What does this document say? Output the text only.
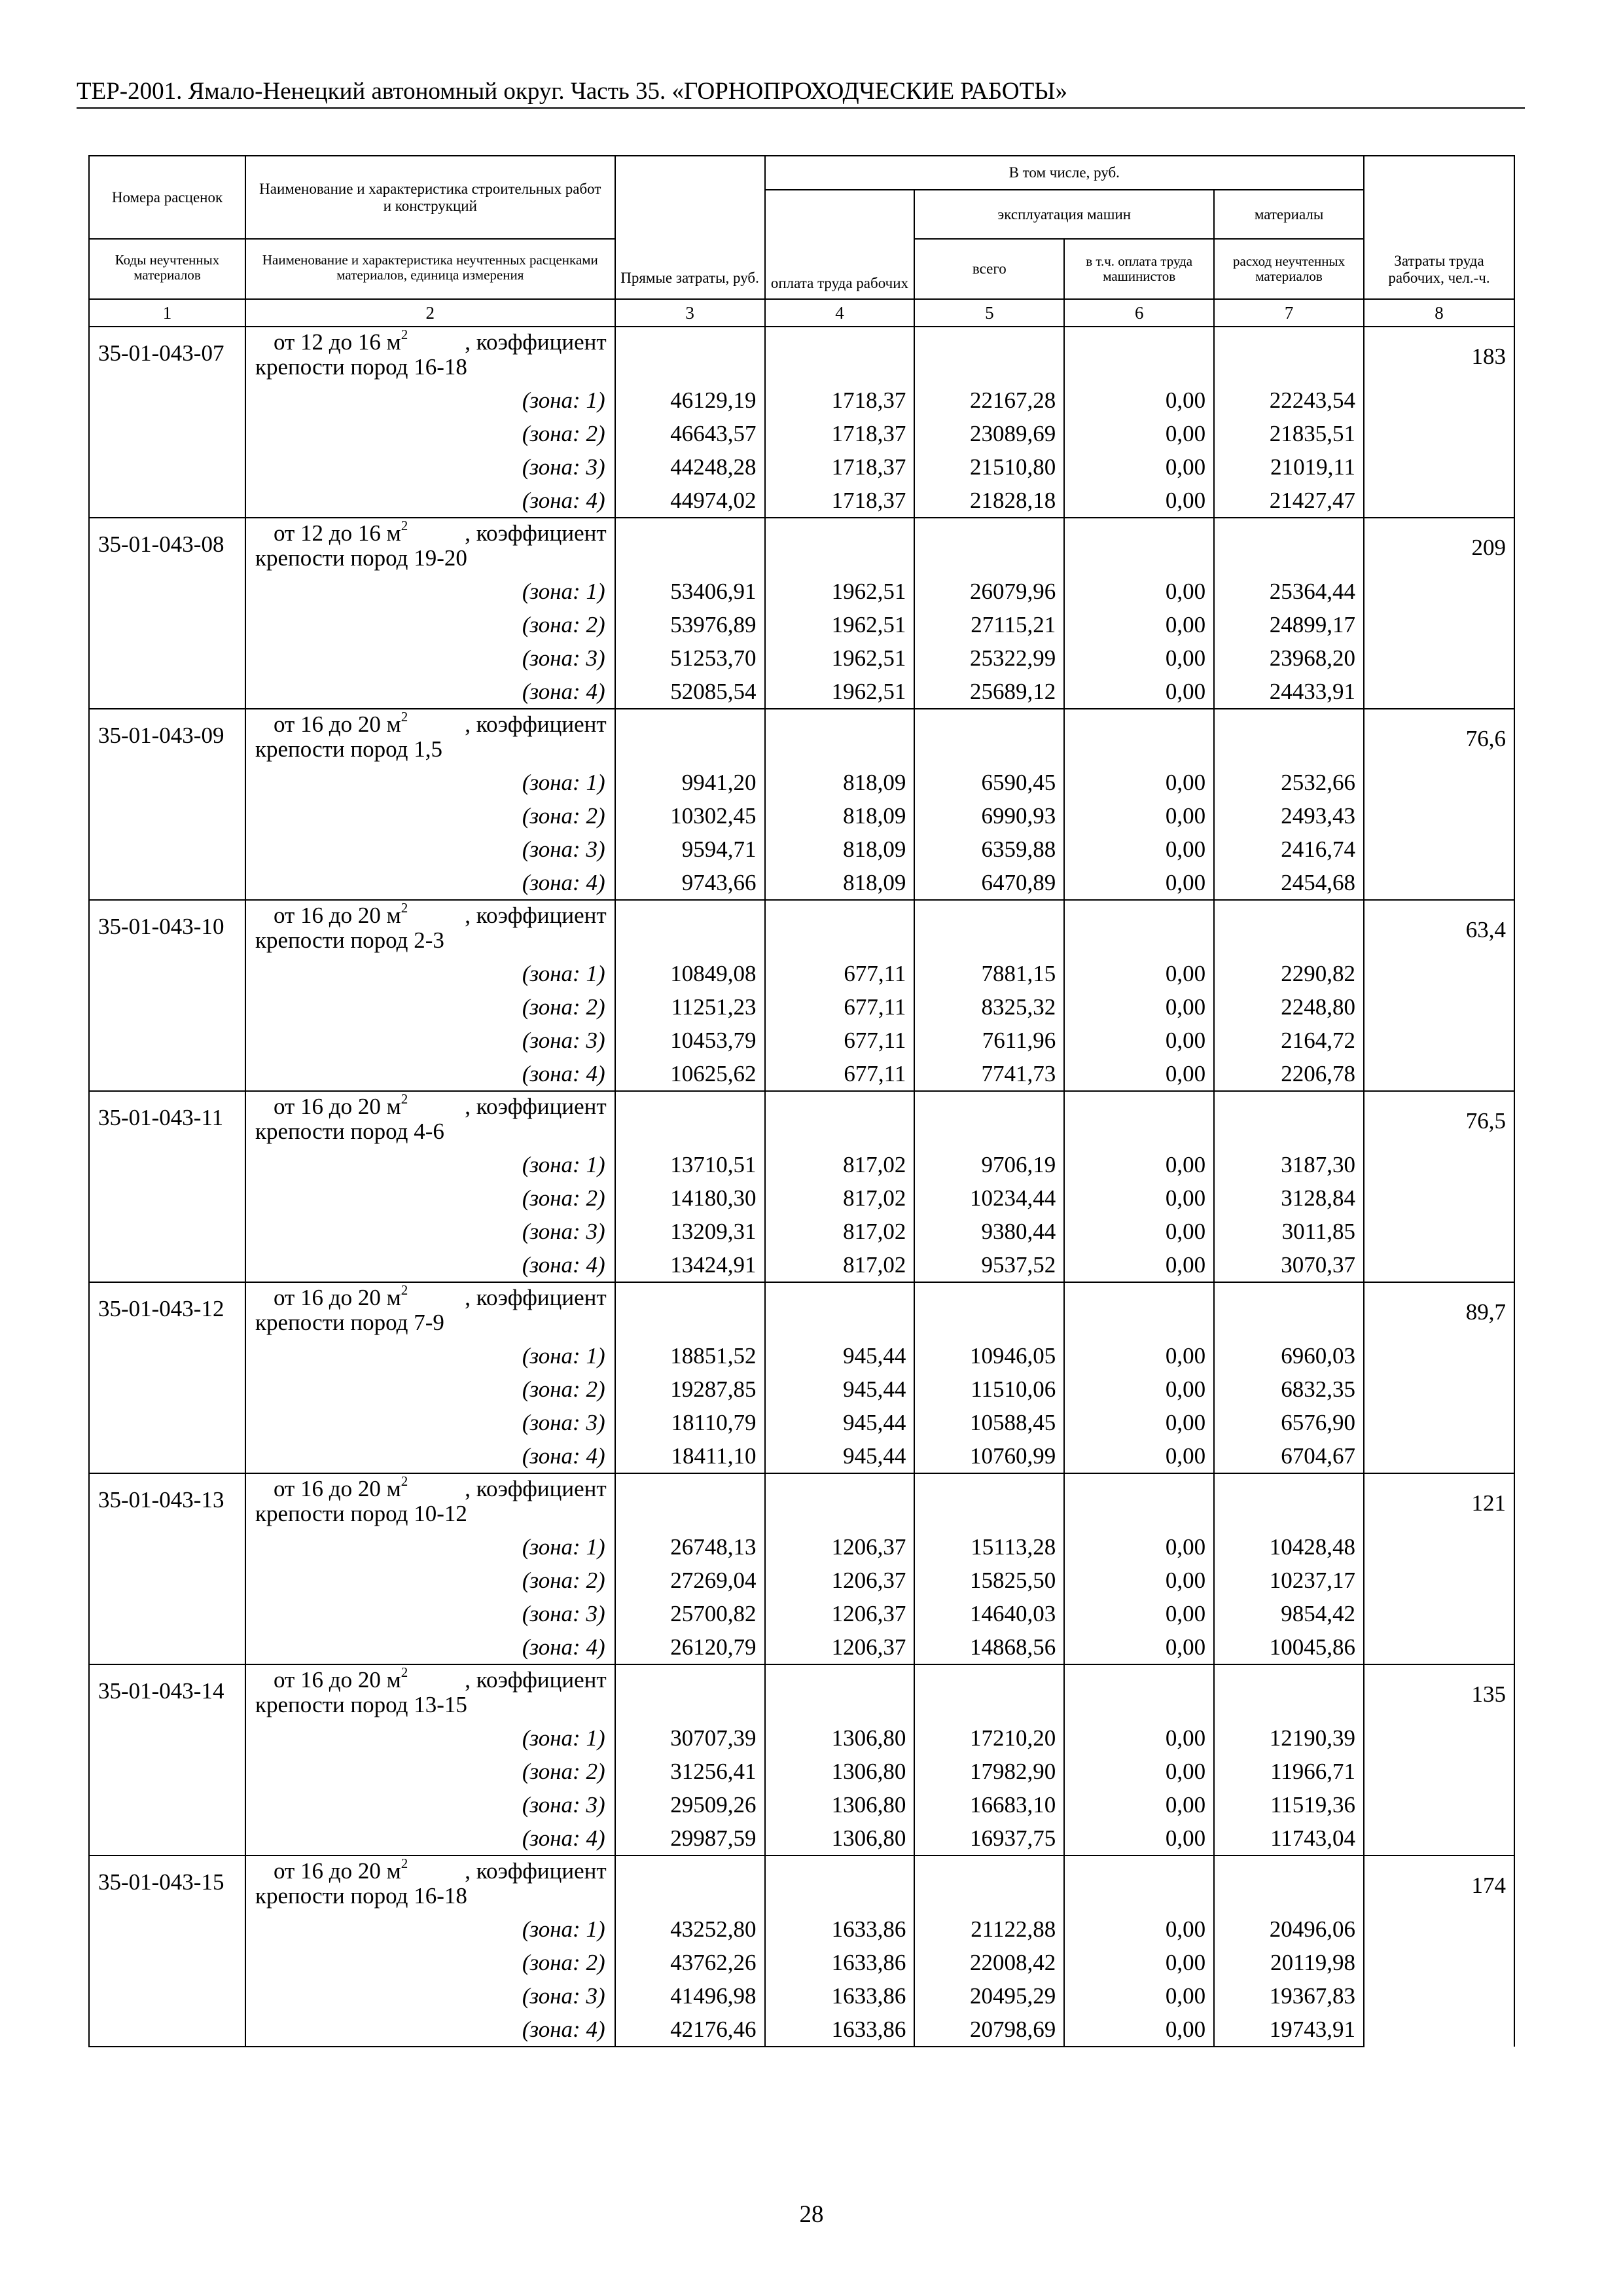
ТЕР-2001. Ямало-Ненецкий автономный округ. Часть 35. «ГОРНОПРОХОДЧЕСКИЕ РАБОТЫ»
Номера расценок	Наименование и характеристика строительных работ и конструкций	Прямые затраты, руб.	В том числе, руб.				Затраты труда рабочих, чел.-ч.
			оплата труда рабочих	эксплуатация машин		материалы	
Коды неучтенных материалов	Наименование и характеристика неучтенных расценками материалов, единица измерения			всего	в т.ч. оплата труда машинистов	расход неучтенных материалов	
1	2	3	4	5	6	7	8
35-01-043-07	от 12 до 16 $м^2$ , коэффициент
крепости пород 16-18						183
	(зона: 1)	46129,19	1718,37	22167,28	0,00	22243,54	
	(зона: 2)	46643,57	1718,37	23089,69	0,00	21835,51	
	(зона: 3)	44248,28	1718,37	21510,80	0,00	21019,11	
	(зона: 4)	44974,02	1718,37	21828,18	0,00	21427,47	
35-01-043-08	от 12 до 16 $м^2$ , коэффициент
крепости пород 19-20						209
	(зона: 1)	53406,91	1962,51	26079,96	0,00	25364,44	
	(зона: 2)	53976,89	1962,51	27115,21	0,00	24899,17	
	(зона: 3)	51253,70	1962,51	25322,99	0,00	23968,20	
	(зона: 4)	52085,54	1962,51	25689,12	0,00	24433,91	
35-01-043-09	от 16 до 20 $м^2$ , коэффициент
крепости пород 1,5						76,6
	(зона: 1)	9941,20	818,09	6590,45	0,00	2532,66	
	(зона: 2)	10302,45	818,09	6990,93	0,00	2493,43	
	(зона: 3)	9594,71	818,09	6359,88	0,00	2416,74	
	(зона: 4)	9743,66	818,09	6470,89	0,00	2454,68	
35-01-043-10	от 16 до 20 $м^2$ , коэффициент
крепости пород 2-3						63,4
	(зона: 1)	10849,08	677,11	7881,15	0,00	2290,82	
	(зона: 2)	11251,23	677,11	8325,32	0,00	2248,80	
	(зона: 3)	10453,79	677,11	7611,96	0,00	2164,72	
	(зона: 4)	10625,62	677,11	7741,73	0,00	2206,78	
35-01-043-11	от 16 до 20 $м^2$ , коэффициент
крепости пород 4-6						76,5
	(зона: 1)	13710,51	817,02	9706,19	0,00	3187,30	
	(зона: 2)	14180,30	817,02	10234,44	0,00	3128,84	
	(зона: 3)	13209,31	817,02	9380,44	0,00	3011,85	
	(зона: 4)	13424,91	817,02	9537,52	0,00	3070,37	
35-01-043-12	от 16 до 20 $м^2$ , коэффициент
крепости пород 7-9						89,7
	(зона: 1)	18851,52	945,44	10946,05	0,00	6960,03	
	(зона: 2)	19287,85	945,44	11510,06	0,00	6832,35	
	(зона: 3)	18110,79	945,44	10588,45	0,00	6576,90	
	(зона: 4)	18411,10	945,44	10760,99	0,00	6704,67	
35-01-043-13	от 16 до 20 $м^2$ , коэффициент
крепости пород 10-12						121
	(зона: 1)	26748,13	1206,37	15113,28	0,00	10428,48	
	(зона: 2)	27269,04	1206,37	15825,50	0,00	10237,17	
	(зона: 3)	25700,82	1206,37	14640,03	0,00	9854,42	
	(зона: 4)	26120,79	1206,37	14868,56	0,00	10045,86	
35-01-043-14	от 16 до 20 $м^2$ , коэффициент
крепости пород 13-15						135
	(зона: 1)	30707,39	1306,80	17210,20	0,00	12190,39	
	(зона: 2)	31256,41	1306,80	17982,90	0,00	11966,71	
	(зона: 3)	29509,26	1306,80	16683,10	0,00	11519,36	
	(зона: 4)	29987,59	1306,80	16937,75	0,00	11743,04	
35-01-043-15	от 16 до 20 $м^2$ , коэффициент
крепости пород 16-18						174
	(зона: 1)	43252,80	1633,86	21122,88	0,00	20496,06	
	(зона: 2)	43762,26	1633,86	22008,42	0,00	20119,98	
	(зона: 3)	41496,98	1633,86	20495,29	0,00	19367,83	
	(зона: 4)	42176,46	1633,86	20798,69	0,00	19743,91	
28
